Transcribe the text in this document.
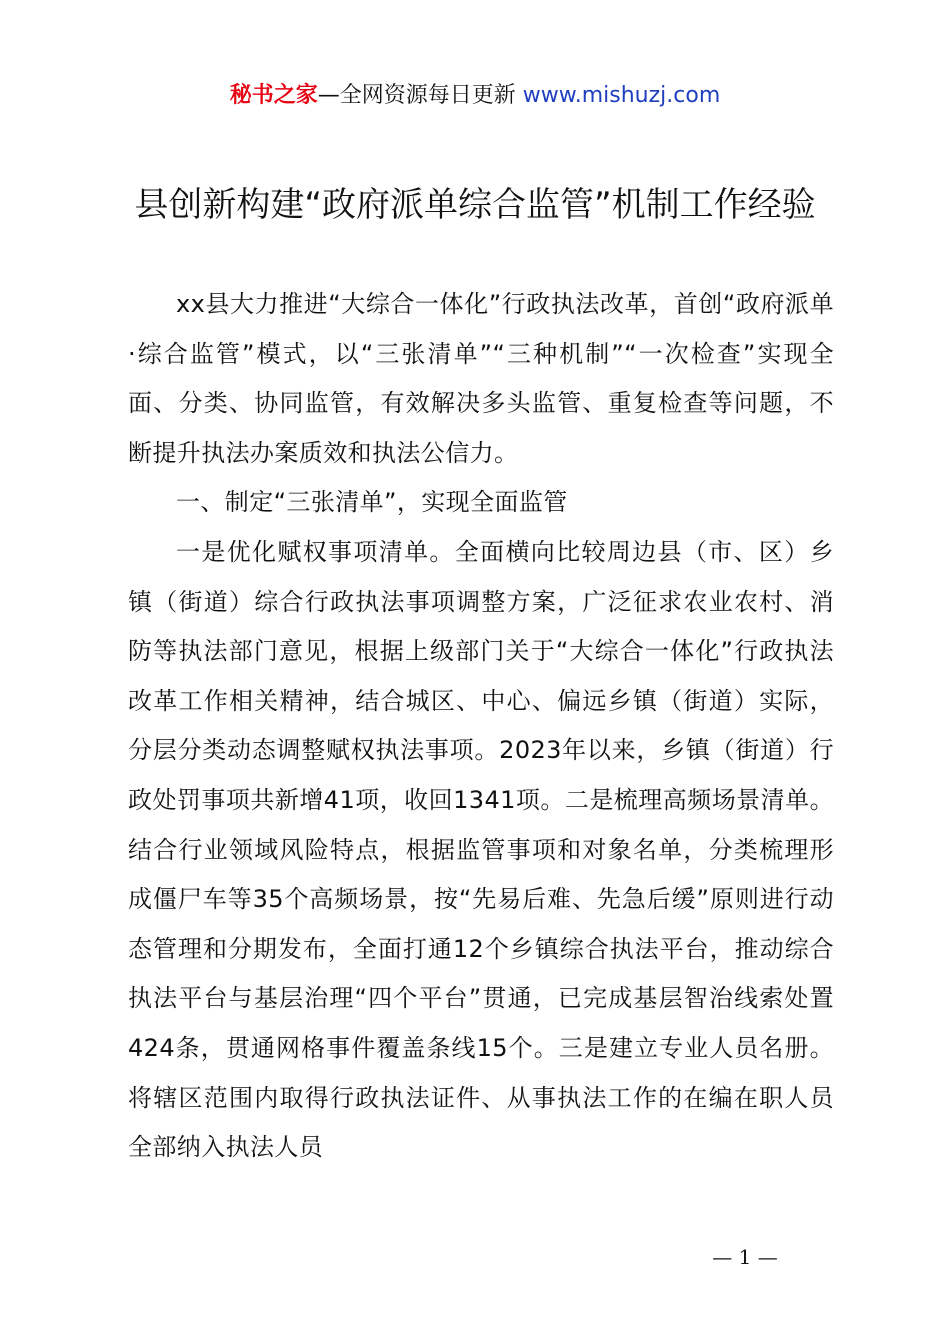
秘书之家—全网资源每日更新 www.mishuzj.com
县创新构建“政府派单综合监管”机制工作经验

xx县大力推进“大综合一体化”行政执法改革，首创“政府派单·综合监管”模式，以“三张清单”“三种机制”“一次检查”实现全面、分类、协同监管，有效解决多头监管、重复检查等问题，不断提升执法办案质效和执法公信力。

一、制定“三张清单”，实现全面监管

一是优化赋权事项清单。全面横向比较周边县（市、区）乡镇（街道）综合行政执法事项调整方案，广泛征求农业农村、消防等执法部门意见，根据上级部门关于“大综合一体化”行政执法改革工作相关精神，结合城区、中心、偏远乡镇（街道）实际，分层分类动态调整赋权执法事项。2023年以来，乡镇（街道）行政处罚事项共新增41项，收回1341项。二是梳理高频场景清单。结合行业领域风险特点，根据监管事项和对象名单，分类梳理形成僵尸车等35个高频场景，按“先易后难、先急后缓”原则进行动态管理和分期发布，全面打通12个乡镇综合执法平台，推动综合执法平台与基层治理“四个平台”贯通，已完成基层智治线索处置424条，贯通网格事件覆盖条线15个。三是建立专业人员名册。将辖区范围内取得行政执法证件、从事执法工作的在编在职人员全部纳入执法人员

— 1 —
